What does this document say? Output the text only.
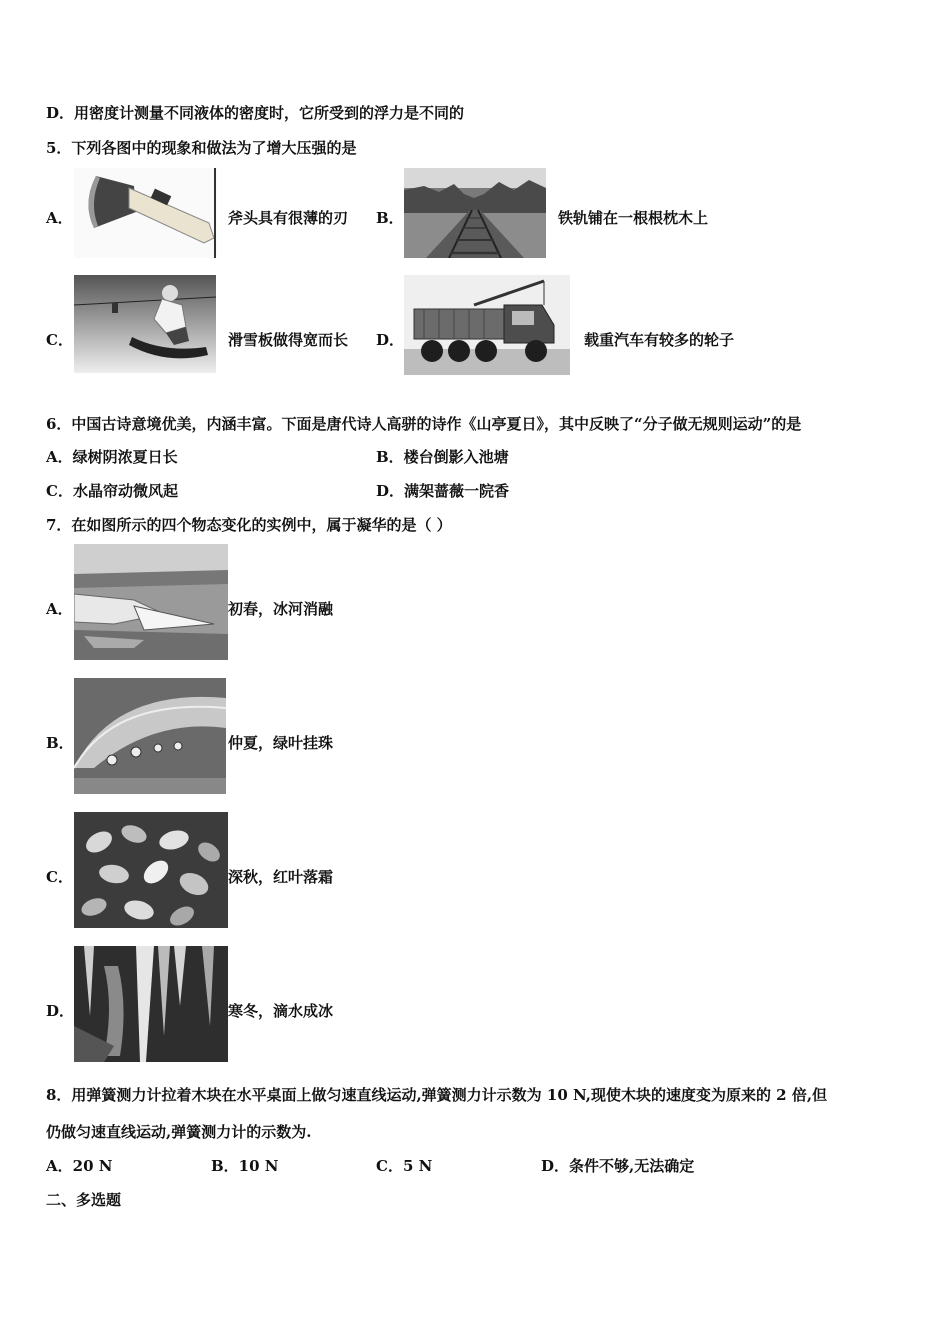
D．用密度计测量不同液体的密度时，它所受到的浮力是不同的
5．下列各图中的现象和做法为了增大压强的是
A．	斧头具有很薄的刃 B．	铁轨铺在一根根枕木上
C．	滑雪板做得宽而长 D．	载重汽车有较多的轮子
6．中国古诗意境优美，内涵丰富。下面是唐代诗人高骈的诗作《山亭夏日》，其中反映了“分子做无规则运动”的是
A．绿树阴浓夏日长	B．楼台倒影入池塘
C．水晶帘动微风起	D．满架蔷薇一院香
7．在如图所示的四个物态变化的实例中，属于凝华的是（ ）
A．	初春，冰河消融
B．	仲夏，绿叶挂珠
C．	深秋，红叶落霜
D．	寒冬，滴水成冰
8．用弹簧测力计拉着木块在水平桌面上做匀速直线运动,弹簧测力计示数为 10 N,现使木块的速度变为原来的 2 倍,但
仍做匀速直线运动,弹簧测力计的示数为.
A．20 N	B．10 N	C．5 N	D．条件不够,无法确定
二、多选题
